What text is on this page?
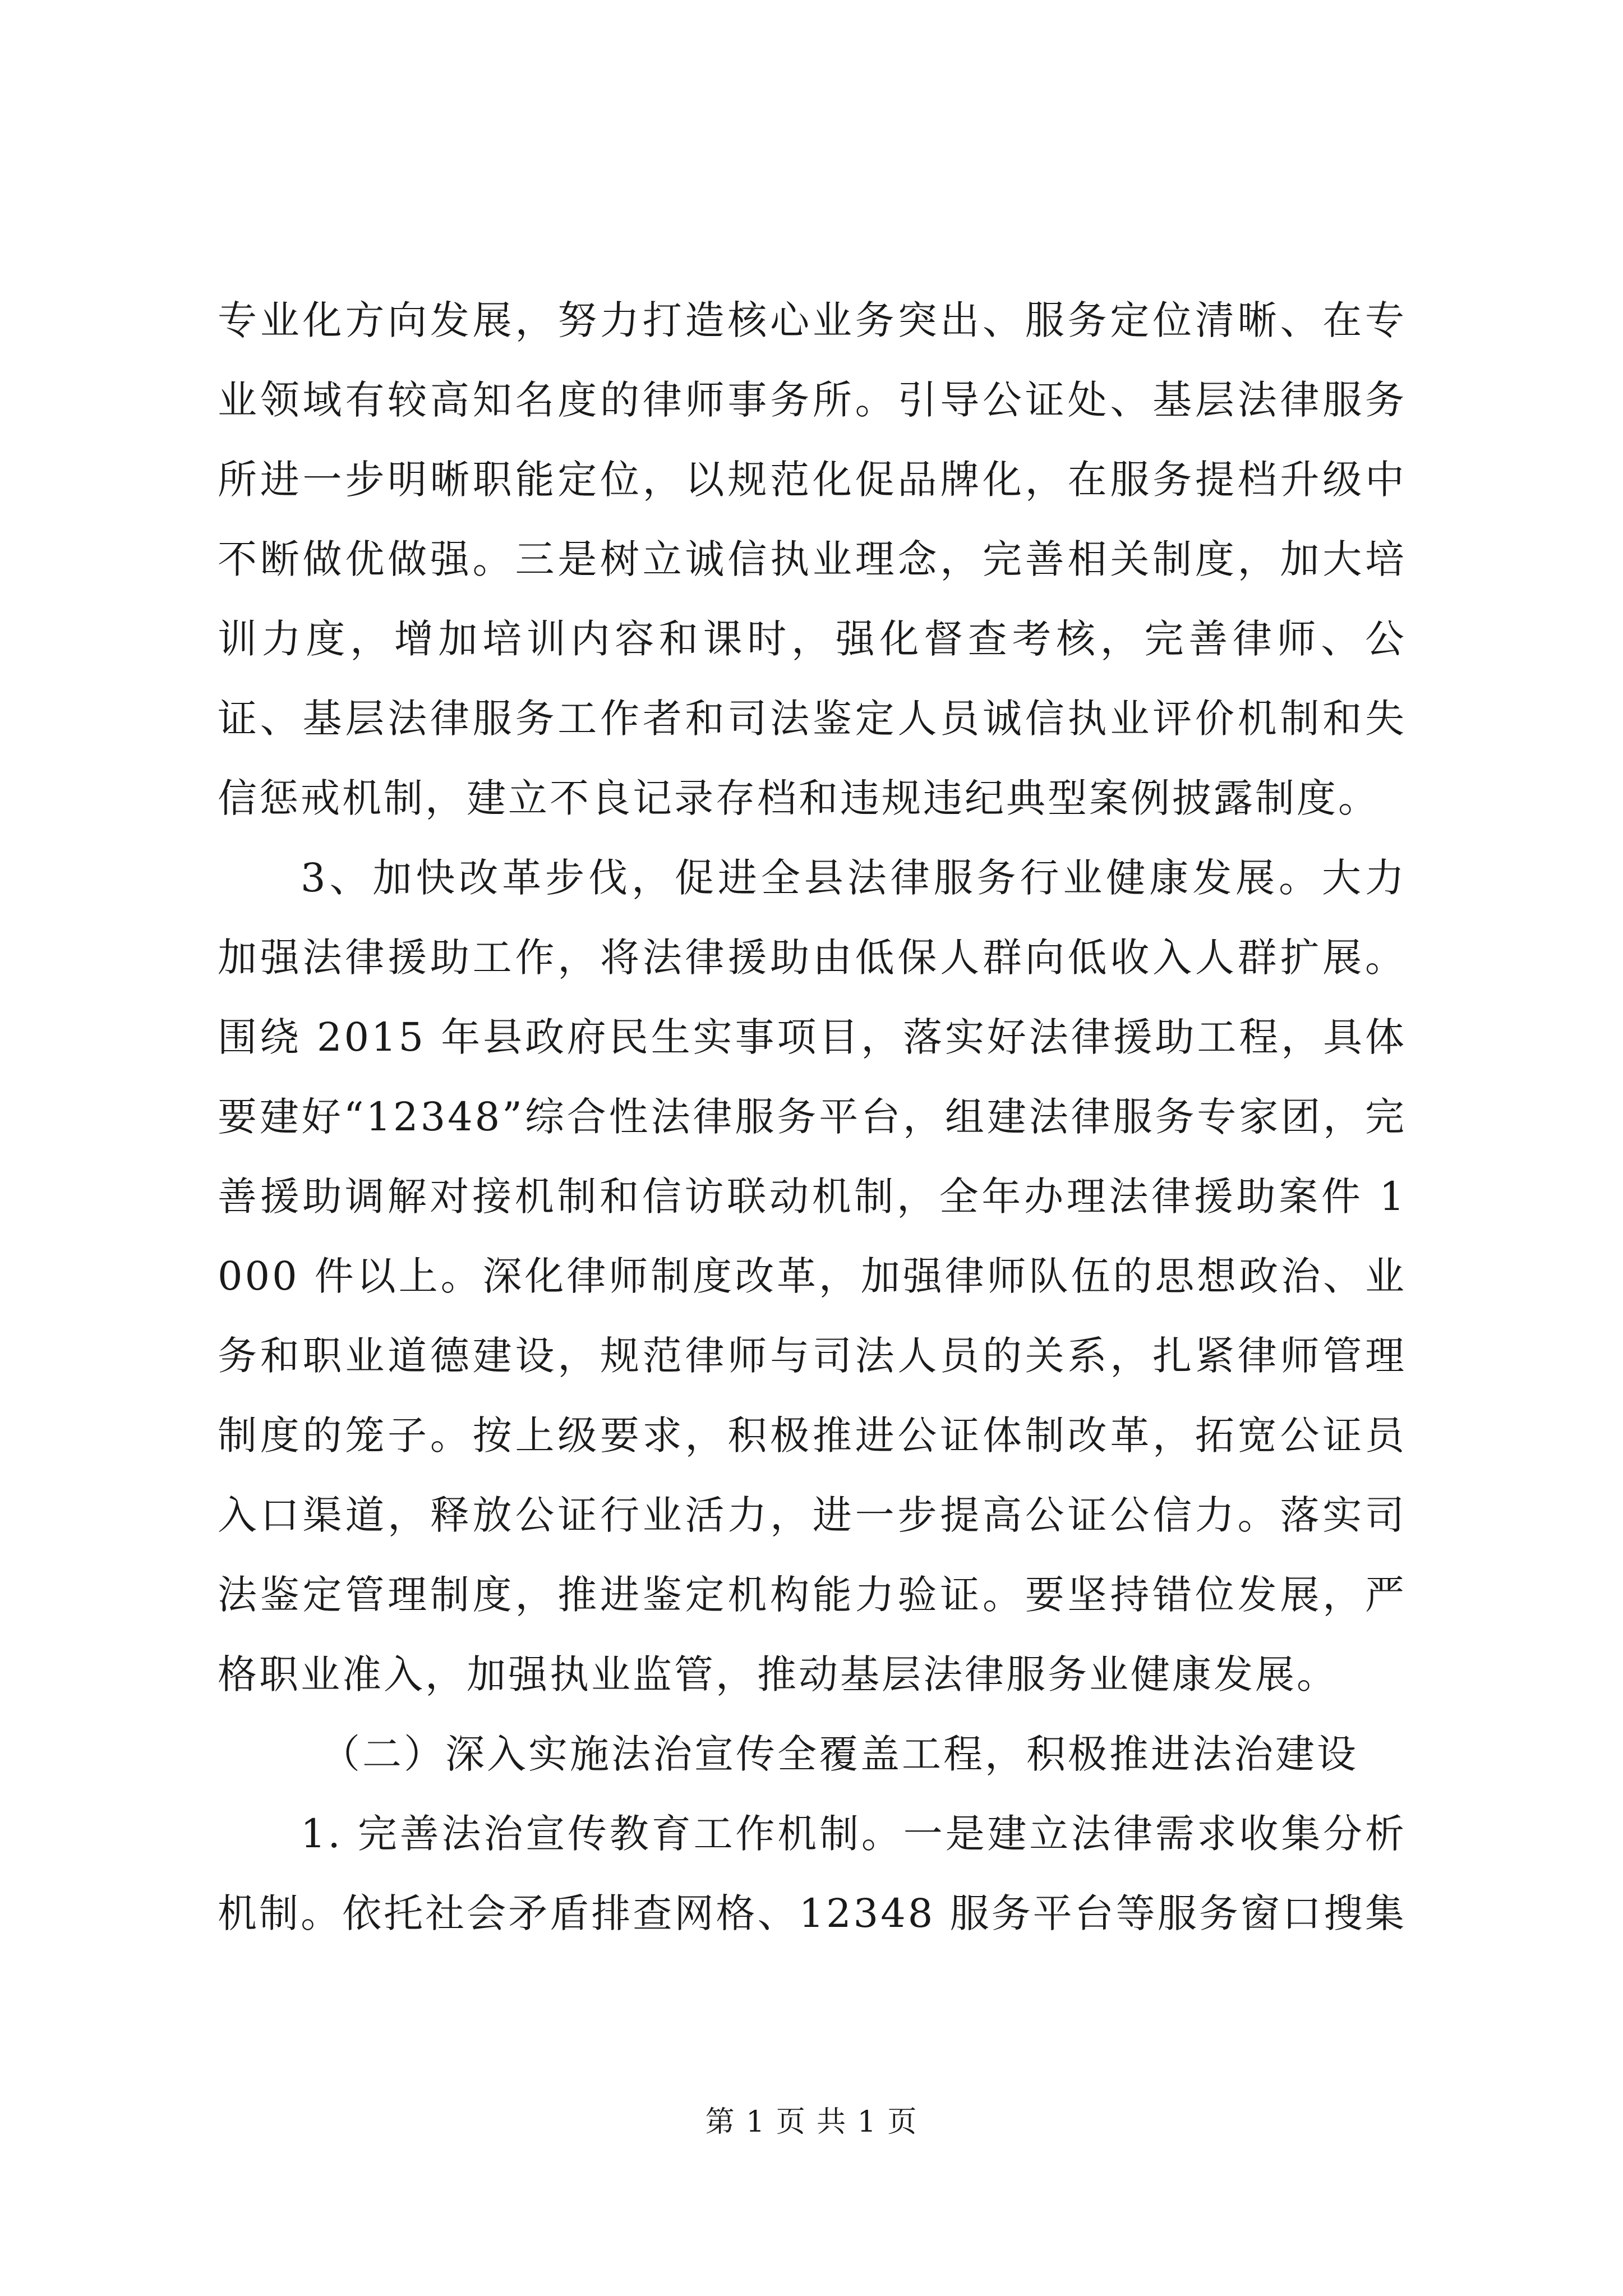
专业化方向发展，努力打造核心业务突出、服务定位清晰、在专业领域有较高知名度的律师事务所。引导公证处、基层法律服务所进一步明晰职能定位，以规范化促品牌化，在服务提档升级中不断做优做强。三是树立诚信执业理念，完善相关制度，加大培训力度，增加培训内容和课时，强化督查考核，完善律师、公证、基层法律服务工作者和司法鉴定人员诚信执业评价机制和失信惩戒机制，建立不良记录存档和违规违纪典型案例披露制度。

3、加快改革步伐，促进全县法律服务行业健康发展。大力加强法律援助工作，将法律援助由低保人群向低收入人群扩展。围绕 2015 年县政府民生实事项目，落实好法律援助工程，具体要建好“12348”综合性法律服务平台，组建法律服务专家团，完善援助调解对接机制和信访联动机制，全年办理法律援助案件 1000 件以上。深化律师制度改革，加强律师队伍的思想政治、业务和职业道德建设，规范律师与司法人员的关系，扎紧律师管理制度的笼子。按上级要求，积极推进公证体制改革，拓宽公证员入口渠道，释放公证行业活力，进一步提高公证公信力。落实司法鉴定管理制度，推进鉴定机构能力验证。要坚持错位发展，严格职业准入，加强执业监管，推动基层法律服务业健康发展。

（二）深入实施法治宣传全覆盖工程，积极推进法治建设

1. 完善法治宣传教育工作机制。一是建立法律需求收集分析机制。依托社会矛盾排查网格、12348 服务平台等服务窗口搜集

第 1 页 共 1 页
